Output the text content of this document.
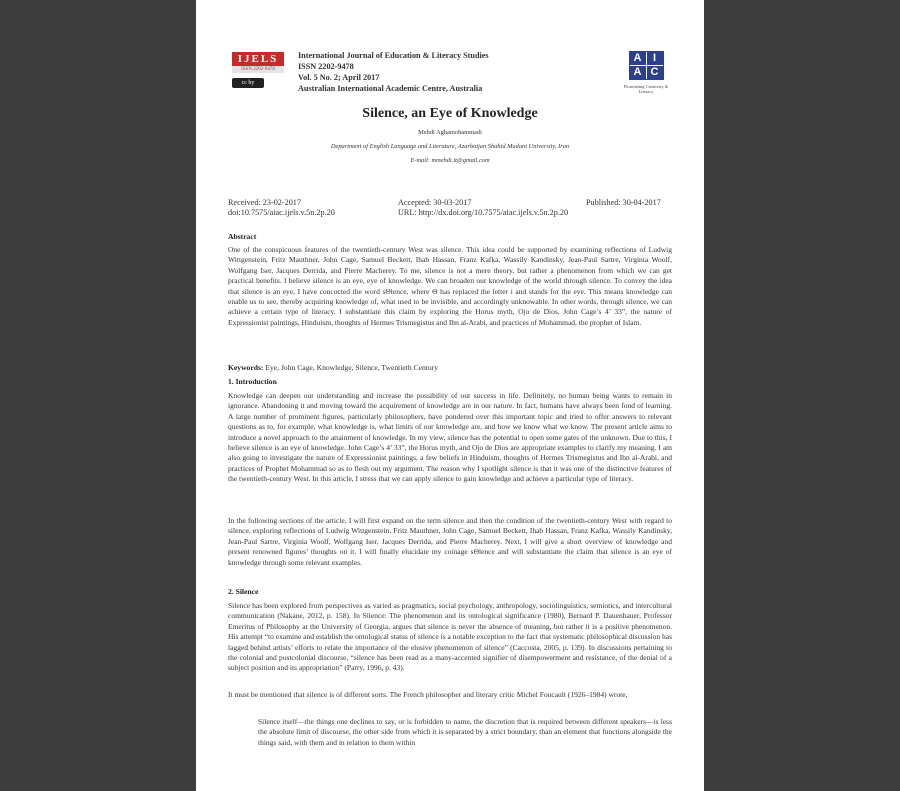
IJELS
ISSN 2202-9478
cc by
International Journal of Education & Literacy Studies
ISSN 2202-9478
Vol. 5 No. 2; April 2017
Australian International Academic Centre, Australia
A	I
A C
Flourishing Creativity & Literacy
Silence, an Eye of Knowledge
Mehdi Aghamohammadi
Department of English Language and Literature, Azarbaijan Shahid Madani University, Iran
E-mail: mmehdi.it@gmail.com
Received: 23-02-2017
doi:10.7575/aiac.ijels.v.5n.2p.20
Accepted: 30-03-2017
URL: http://dx.doi.org/10.7575/aiac.ijels.v.5n.2p.20
Published: 30-04-2017
Abstract

One of the conspicuous features of the twentieth-century West was silence. This idea could be supported by examining reflections of Ludwig Wittgenstein, Fritz Mauthner, John Cage, Samuel Beckett, Ihab Hassan, Franz Kafka, Wassily Kandinsky, Jean-Paul Sartre, Virginia Woolf, Wolfgang Iser, Jacques Derrida, and Pierre Macherey. To me, silence is not a mere theory, but rather a phenomenon from which we can get practical benefits. I believe silence is an eye, eye of knowledge. We can broaden our knowledge of the world through silence. To convey the idea that silence is an eye, I have concocted the word sΘlence, where Θ has replaced the letter i and stands for the eye. This means knowledge can enable us to see, thereby acquiring knowledge of, what used to be invisible, and accordingly unknowable. In other words, through silence, we can achieve a certain type of literacy. I substantiate this claim by exploring the Horus myth, Ojo de Dios, John Cage’s 4’ 33”, the nature of Expressionist paintings, Hinduism, thoughts of Hermes Trismegistus and Ibn al-Arabi, and practices of Mohammad, the prophet of Islam.

Keywords: Eye, John Cage, Knowledge, Silence, Twentieth Century
1. Introduction

Knowledge can deepen our understanding and increase the possibility of our success in life. Definitely, no human being wants to remain in ignorance. Abandoning it and moving toward the acquirement of knowledge are in our nature. In fact, humans have always been fond of learning. A large number of prominent figures, particularly philosophers, have pondered over this important topic and tried to offer answers to relevant questions as to, for example, what knowledge is, what limits of our knowledge are, and how we know what we know. The present article aims to introduce a novel approach to the attainment of knowledge. In my view, silence has the potential to open some gates of the unknown. Due to this, I believe silence is an eye of knowledge. John Cage’s 4’ 33”, the Horus myth, and Ojo de Dios are appropriate examples to clarify my meaning. I am also going to investigate the nature of Expressionist paintings, a few beliefs in Hinduism, thoughts of Hermes Trismegistus and Ibn al-Arabi, and practices of Prophet Mohammad so as to flesh out my argument. The reason why I spotlight silence is that it was one of the distinctive features of the twentieth-century West. In this article, I stress that we can apply silence to gain knowledge and achieve a particular type of literacy.

In the following sections of the article, I will first expand on the term silence and then the condition of the twentieth-century West with regard to silence, exploring reflections of Ludwig Wittgenstein, Fritz Mauthner, John Cage, Samuel Beckett, Ihab Hassan, Franz Kafka, Wassily Kandinsky, Jean-Paul Sartre, Virginia Woolf, Wolfgang Iser, Jacques Derrida, and Pierre Macherey. Next, I will give a short overview of knowledge and present renowned figures’ thoughts on it. I will finally elucidate my coinage sΘlence and will substantiate the claim that silence is an eye of knowledge through some relevant examples.

2. Silence

Silence has been explored from perspectives as varied as pragmatics, social psychology, anthropology, sociolinguistics, semiotics, and intercultural communication (Nakane, 2012, p. 158). In Silence: The phenomenon and its ontological significance (1980), Bernard P. Dauenhauer, Professor Emeritus of Philosophy at the University of Georgia, argues that silence is never the absence of meaning, but rather it is a positive phenomenon. His attempt “to examine and establish the ontological status of silence is a notable exception to the fact that systematic philosophical discussion has lagged behind artists’ efforts to relate the importance of the elusive phenomenon of silence” (Caccosta, 2005, p. 139). In discussions pertaining to the colonial and postcolonial discourse, “silence has been read as a many-accented signifier of disempowerment and resistance, of the denial of a subject position and its appropriation” (Parry, 1996, p. 43).

It must be mentioned that silence is of different sorts. The French philosopher and literary critic Michel Foucault (1926–1984) wrote,

Silence itself—the things one declines to say, or is forbidden to name, the discretion that is required between different speakers—is less the absolute limit of discourse, the other side from which it is separated by a strict boundary, than an element that functions alongside the things said, with them and in relation to them within
